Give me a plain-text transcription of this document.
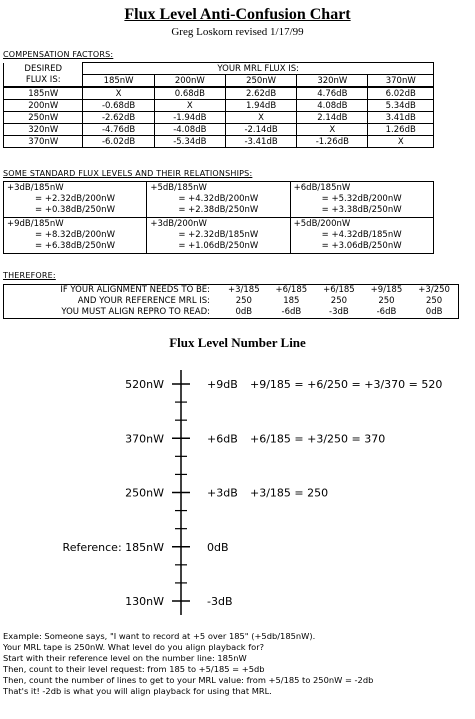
Flux Level Anti-Confusion Chart
Greg Loskorn revised 1/17/99
COMPENSATION FACTORS:
DESIRED	YOUR MRL FLUX IS:				
FLUX IS:	185nW	200nW	250nW	320nW	370nW
185nW	X	0.68dB	2.62dB	4.76dB	6.02dB
200nW	-0.68dB	X	1.94dB	4.08dB	5.34dB
250nW	-2.62dB	-1.94dB	X	2.14dB	3.41dB
320nW	-4.76dB	-4.08dB	-2.14dB	X	1.26dB
370nW	-6.02dB	-5.34dB	-3.41dB	-1.26dB	X
SOME STANDARD FLUX LEVELS AND THEIR RELATIONSHIPS:
+3dB/185nW
= +2.32dB/200nW
= +0.38dB/250nW	+5dB/185nW
= +4.32dB/200nW
= +2.38dB/250nW	+6dB/185nW
= +5.32dB/200nW
= +3.38dB/250nW

+9dB/185nW
= +8.32dB/200nW
= +6.38dB/250nW	+3dB/200nW
= +2.32dB/185nW
= +1.06dB/250nW	+5dB/200nW
= +4.32dB/185nW
= +3.06dB/250nW
THEREFORE:
IF YOUR ALIGNMENT NEEDS TO BE:	+3/185	+6/185	+6/185	+9/185	+3/250
AND YOUR REFERENCE MRL IS:	250	185	250	250	250
YOU MUST ALIGN REPRO TO READ:	0dB	-6dB	-3dB	-6dB	0dB
Flux Level Number Line
520nW	+9dB +9/185 = +6/250 = +3/370 = 520
370nW	+6dB +6/185 = +3/250 = 370
250nW	+3dB +3/185 = 250
Reference: 185nW	0dB
130nW	-3dB
Example: Someone says, "I want to record at +5 over 185" (+5db/185nW).
Your MRL tape is 250nW. What level do you align playback for?
Start with their reference level on the number line: 185nW
Then, count to their level request: from 185 to +5/185 = +5db
Then, count the number of lines to get to your MRL value: from +5/185 to 250nW = -2db
That's it! -2db is what you will align playback for using that MRL.
